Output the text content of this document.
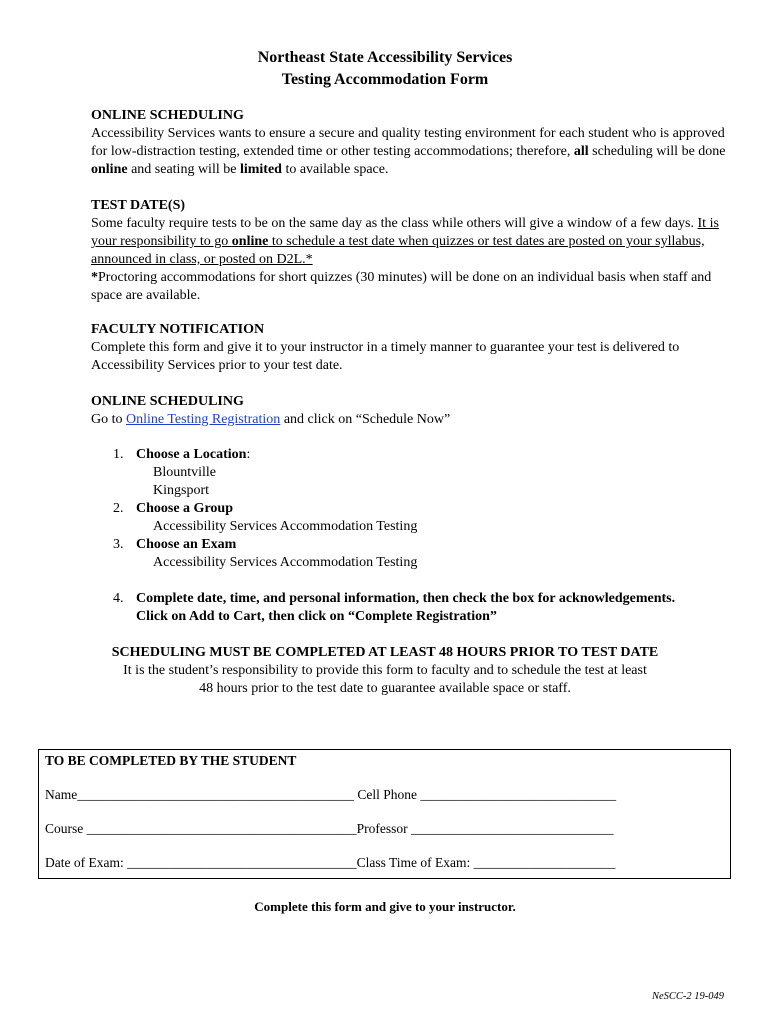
Northeast State Accessibility Services
Testing Accommodation Form
ONLINE SCHEDULING
Accessibility Services wants to ensure a secure and quality testing environment for each student who is approved for low-distraction testing, extended time or other testing accommodations; therefore, all scheduling will be done online and seating will be limited to available space.
TEST DATE(S)
Some faculty require tests to be on the same day as the class while others will give a window of a few days. It is your responsibility to go online to schedule a test date when quizzes or test dates are posted on your syllabus, announced in class, or posted on D2L.*
*Proctoring accommodations for short quizzes (30 minutes) will be done on an individual basis when staff and space are available.
FACULTY NOTIFICATION
Complete this form and give it to your instructor in a timely manner to guarantee your test is delivered to Accessibility Services prior to your test date.
ONLINE SCHEDULING
Go to Online Testing Registration and click on “Schedule Now”
1. Choose a Location:
Blountville
Kingsport
2. Choose a Group
Accessibility Services Accommodation Testing
3. Choose an Exam
Accessibility Services Accommodation Testing
4. Complete date, time, and personal information, then check the box for acknowledgements.
Click on Add to Cart, then click on “Complete Registration”
SCHEDULING MUST BE COMPLETED AT LEAST 48 HOURS PRIOR TO TEST DATE
It is the student’s responsibility to provide this form to faculty and to schedule the test at least
48 hours prior to the test date to guarantee available space or staff.
TO BE COMPLETED BY THE STUDENT
Name_________________________________________ Cell Phone _____________________________
Course ________________________________________Professor ______________________________
Date of Exam: __________________________________Class Time of Exam: _____________________
Complete this form and give to your instructor.
NeSCC-2 19-049
